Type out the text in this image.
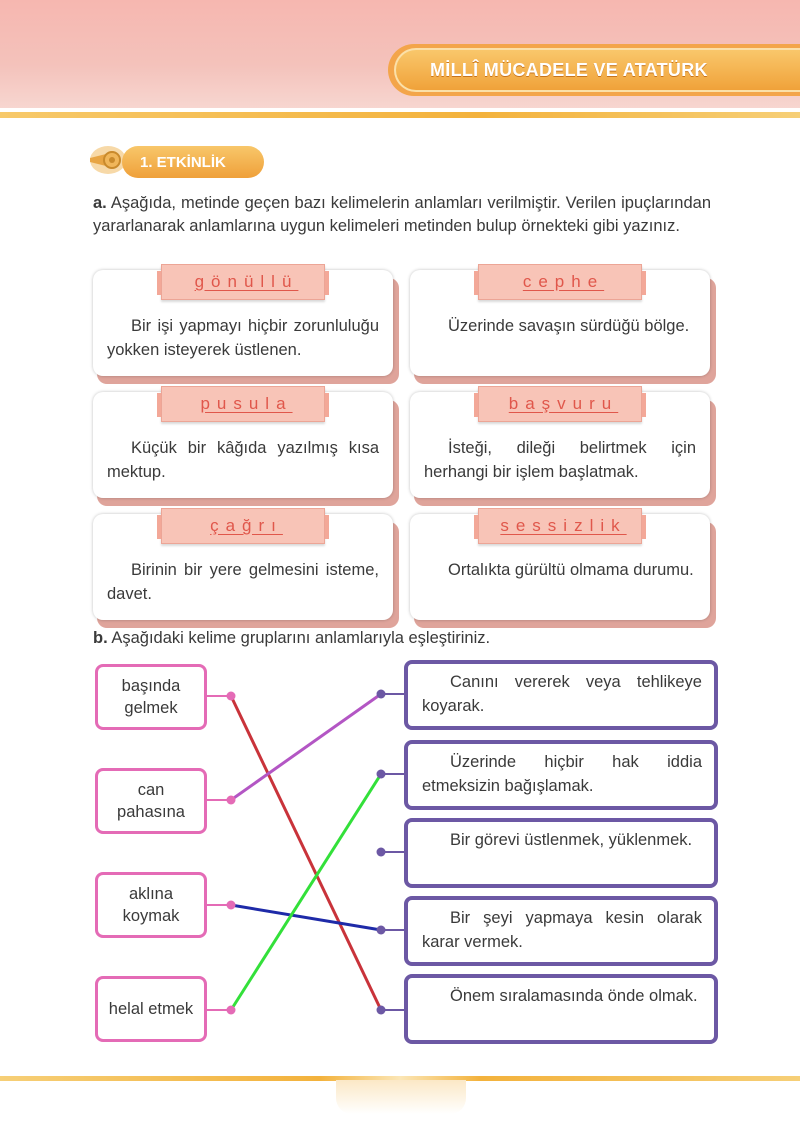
MİLLÎ MÜCADELE VE ATATÜRK
1. ETKİNLİK
a. Aşağıda, metinde geçen bazı kelimelerin anlamları verilmiştir. Verilen ipuçlarından yararlanarak anlamlarına uygun kelimeleri metinden bulup örnekteki gibi yazınız.
gönüllü
Bir işi yapmayı hiçbir zorunluluğu yokken isteyerek üstlenen.
cephe
Üzerinde savaşın sürdüğü bölge.
pusula
Küçük bir kâğıda yazılmış kısa mektup.
başvuru
İsteği, dileği belirtmek için herhangi bir işlem başlatmak.
çağrı
Birinin bir yere gelmesini isteme, davet.
sessizlik
Ortalıkta gürültü olmama durumu.
b. Aşağıdaki kelime gruplarını anlamlarıyla eşleştiriniz.
başında gelmek
can pahasına
aklına koymak
helal etmek
Canını vererek veya tehlikeye koyarak.
Üzerinde hiçbir hak iddia etmeksizin bağışlamak.
Bir görevi üstlenmek, yüklenmek.
Bir şeyi yapmaya kesin olarak karar vermek.
Önem sıralamasında önde olmak.
